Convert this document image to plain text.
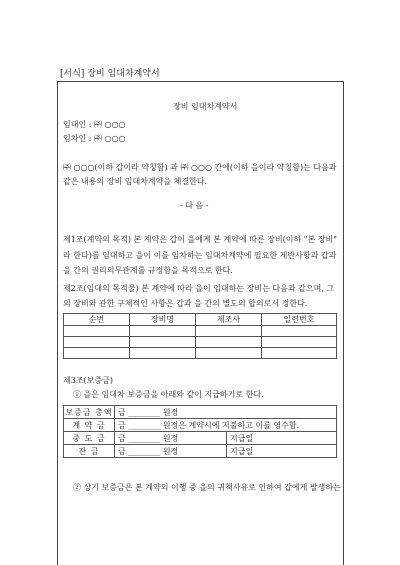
[서식] 장비 임대차계약서
장비 임대차계약서
임대인 : ㈜ ○○○
임차인 : ㈜ ○○○
㈜ ○○○(이하 갑이라 약칭함) 과 ㈜ ○○○ 간에(이하 을이라 약칭함)는 다음과
같은 내용의 장비 임대차계약을 체결한다.
- 다 음 -
제1조(계약의 목적) 본 계약은 갑이 을에게 본 계약에 따른 장비(이하 "본 장비"
라 한다)를 임대하고 을이 이를 임차하는 임대차계약에 필요한 제반사항과 갑과
을 간의 권리의무관계를 규정함을 목적으로 한다.
제2조(임대의 목적물) 본 계약에 따라 을이 임대하는 장비는 다음과 같으며, 그
외 장비와 관한 구체적인 사항은 갑과 을 간의 별도의 합의로서 정한다.
순번	장비명	제조사	일련번호

제3조(보증금)
① 을은 임대차 보증금을 아래와 같이 지급하기로 한다.
보증금 총액	금 ________ 원정	
계 약 금	금 ________ 원정은 계약시에 지불하고 이를 영수함.	
중 도 금	금 ________ 원정	지급일
잔 금	금 ________ 원정	지급일
② 상기 보증금은 본 계약의 이행 중 을의 귀책사유로 인하여 갑에게 발생하는
